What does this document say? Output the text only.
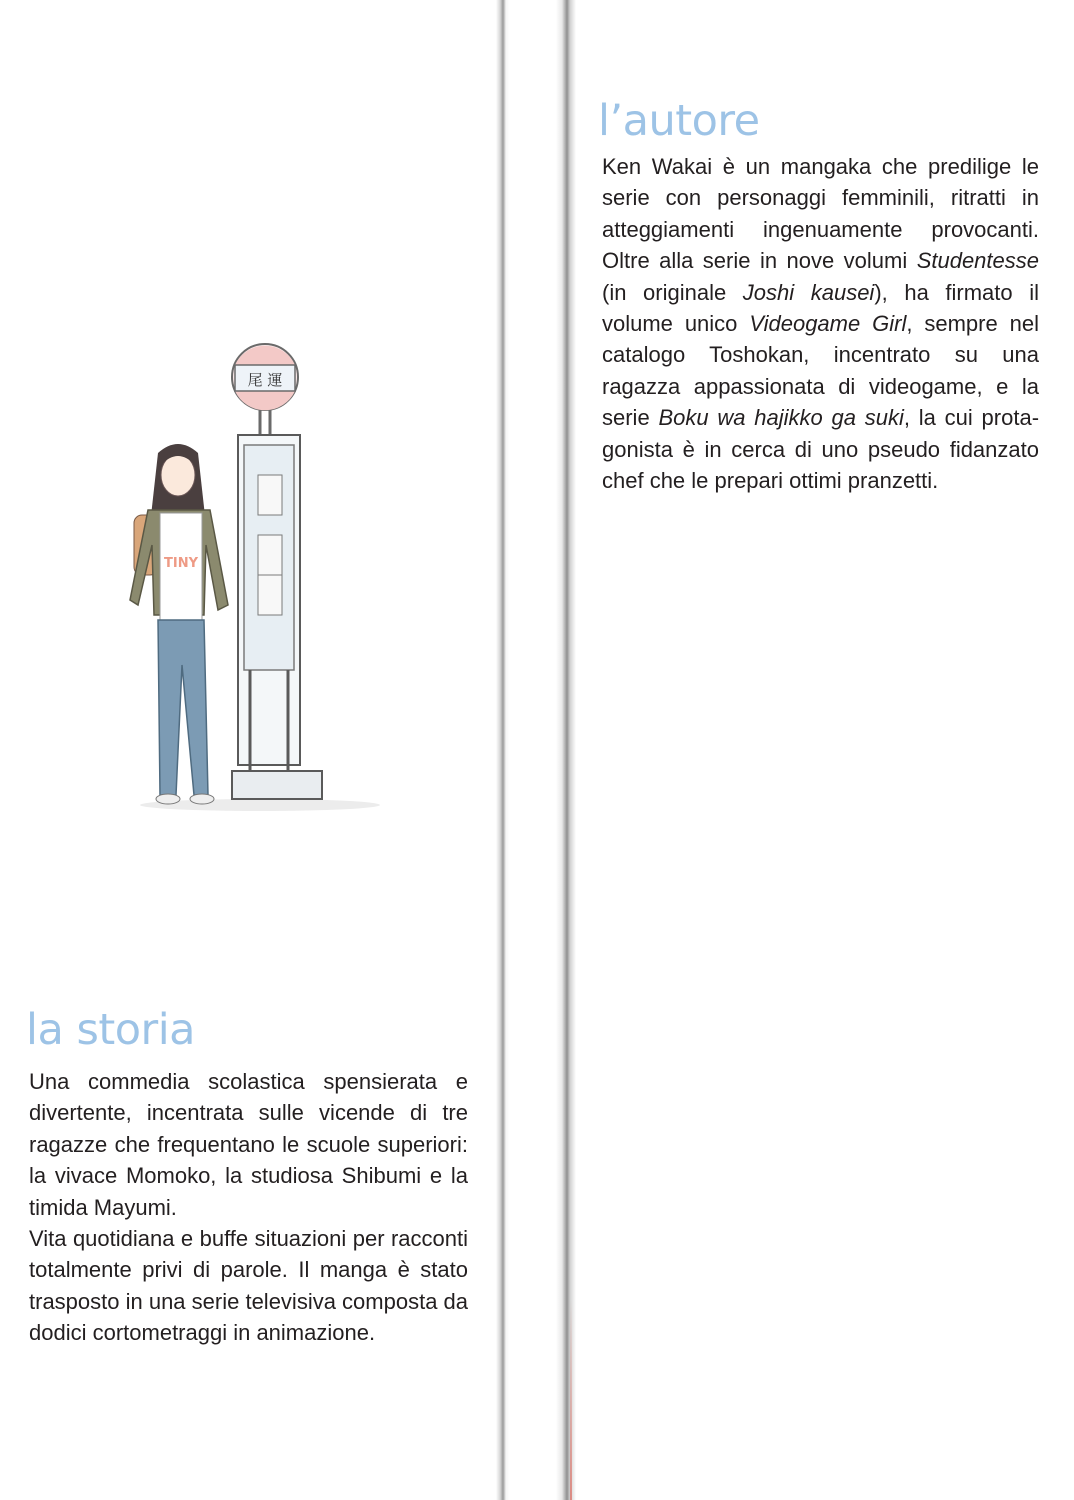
l’autore

Ken Wakai è un mangaka che predilige le serie con personaggi femminili, ritratti in atteggiamenti ingenuamente provocanti. Oltre alla serie in nove volumi Studentesse (in originale Joshi kausei), ha firmato il volume unico Videogame Girl, sempre nel catalogo Toshokan, incentrato su una ragazza appassionata di videogame, e la serie Boku wa hajikko ga suki, la cui protagonista è in cerca di uno pseudo fidanzato chef che le prepari ottimi pranzetti.

尾 運
TINY
la storia

Una commedia scolastica spensierata e divertente, incentrata sulle vicende di tre ragazze che frequentano le scuole superiori: la vivace Momoko, la studiosa Shibumi e la timida Mayumi.

Vita quotidiana e buffe situazioni per racconti totalmente privi di parole. Il manga è stato trasposto in una serie televisiva composta da dodici cortometraggi in animazione.
